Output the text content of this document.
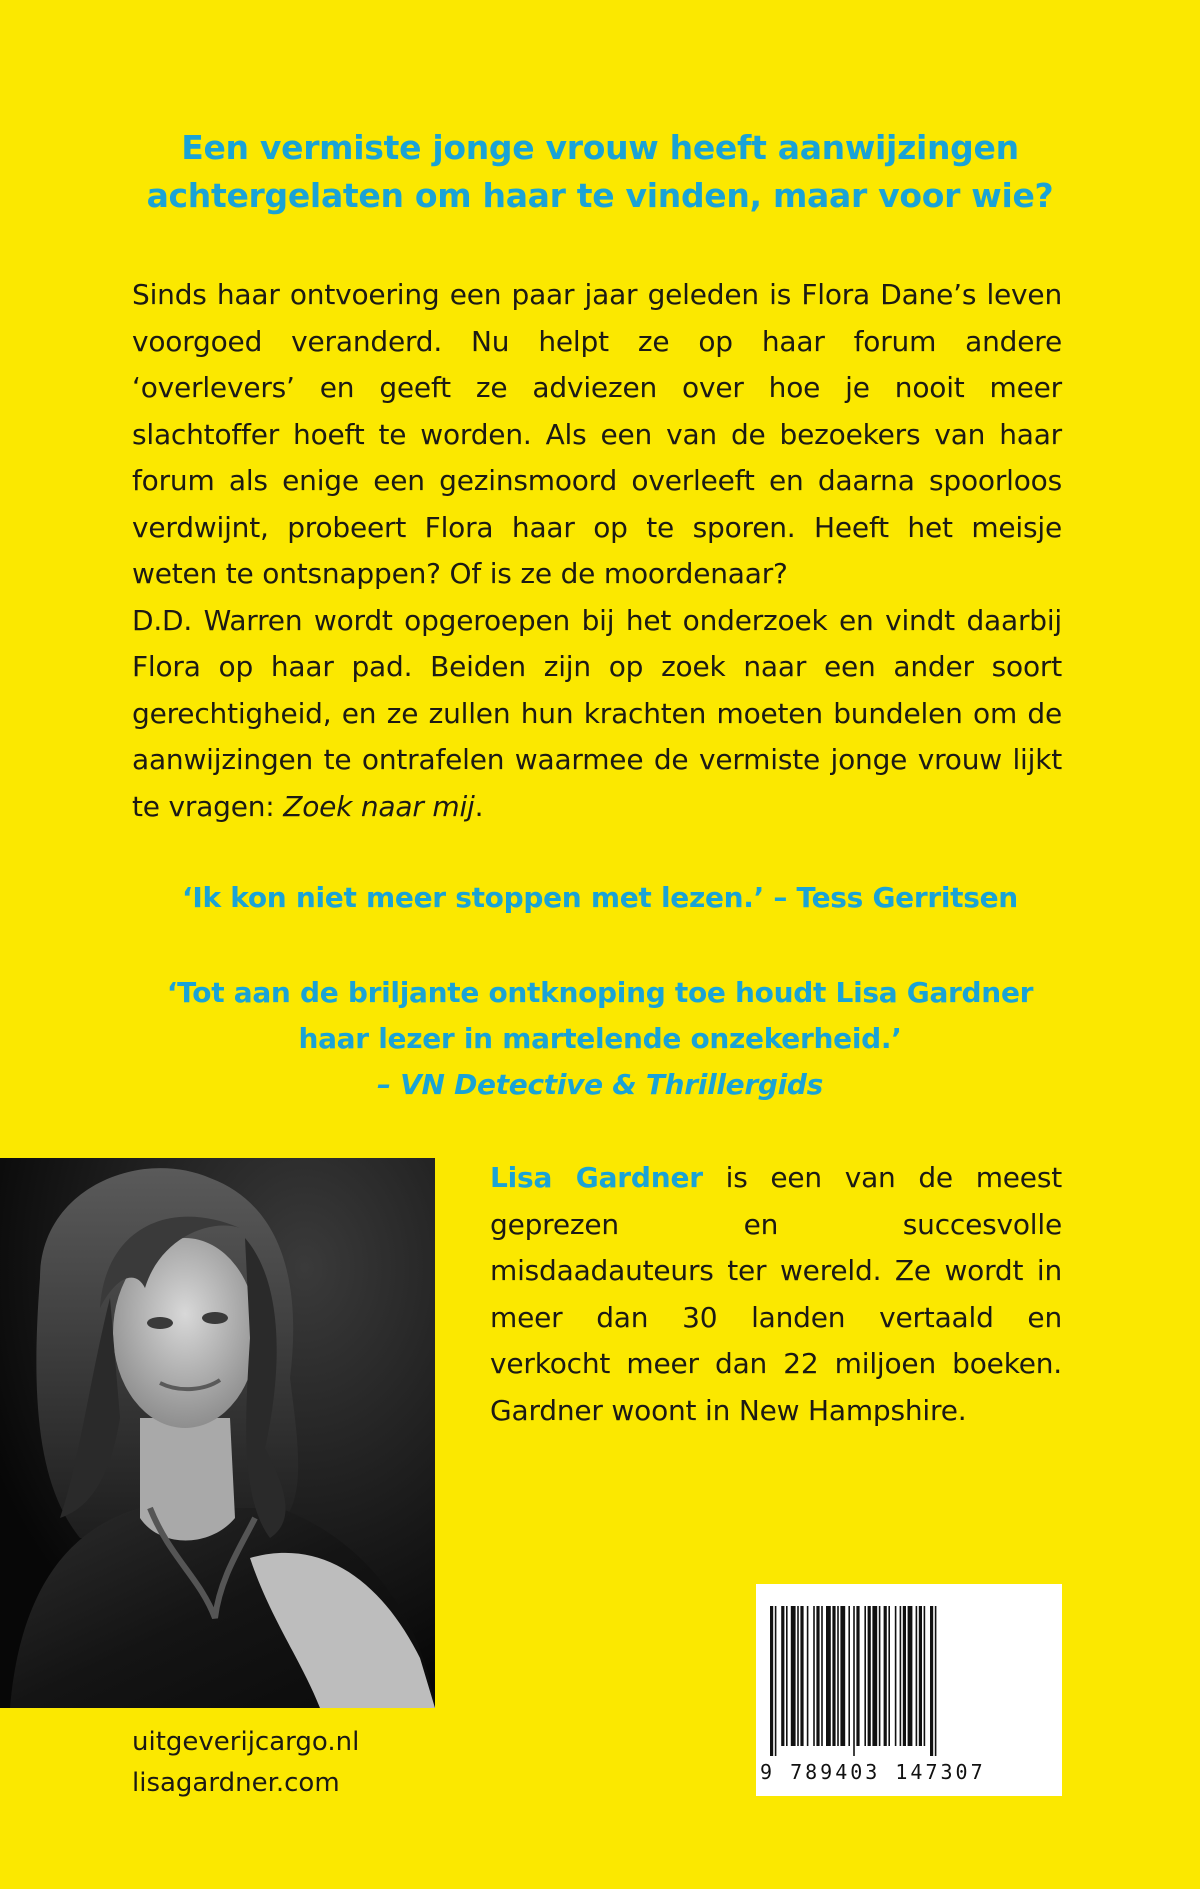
Een vermiste jonge vrouw heeft aanwijzingen
achtergelaten om haar te vinden, maar voor wie?

Sinds haar ontvoering een paar jaar geleden is Flora Dane’s leven voorgoed veranderd. Nu helpt ze op haar forum andere ‘overlevers’ en geeft ze adviezen over hoe je nooit meer slachtoffer hoeft te worden. Als een van de bezoekers van haar forum als enige een gezinsmoord overleeft en daarna spoorloos verdwijnt, probeert Flora haar op te sporen. Heeft het meisje weten te ontsnappen? Of is ze de moordenaar?

D.D. Warren wordt opgeroepen bij het onderzoek en vindt daarbij Flora op haar pad. Beiden zijn op zoek naar een ander soort gerechtigheid, en ze zullen hun krachten moeten bundelen om de aanwijzingen te ontrafelen waarmee de vermiste jonge vrouw lijkt te vragen: Zoek naar mij.

‘Ik kon niet meer stoppen met lezen.’ – Tess Gerritsen
‘Tot aan de briljante ontknoping toe houdt Lisa Gardner
haar lezer in martelende onzekerheid.’
– VN Detective & Thrillergids

Lisa Gardner is een van de meest geprezen en succesvolle misdaadauteurs ter wereld. Ze wordt in meer dan 30 landen vertaald en verkocht meer dan 22 miljoen boeken. Gardner woont in New Hampshire.

uitgeverijcargo.nl
lisagardner.com	9 789403 147307
